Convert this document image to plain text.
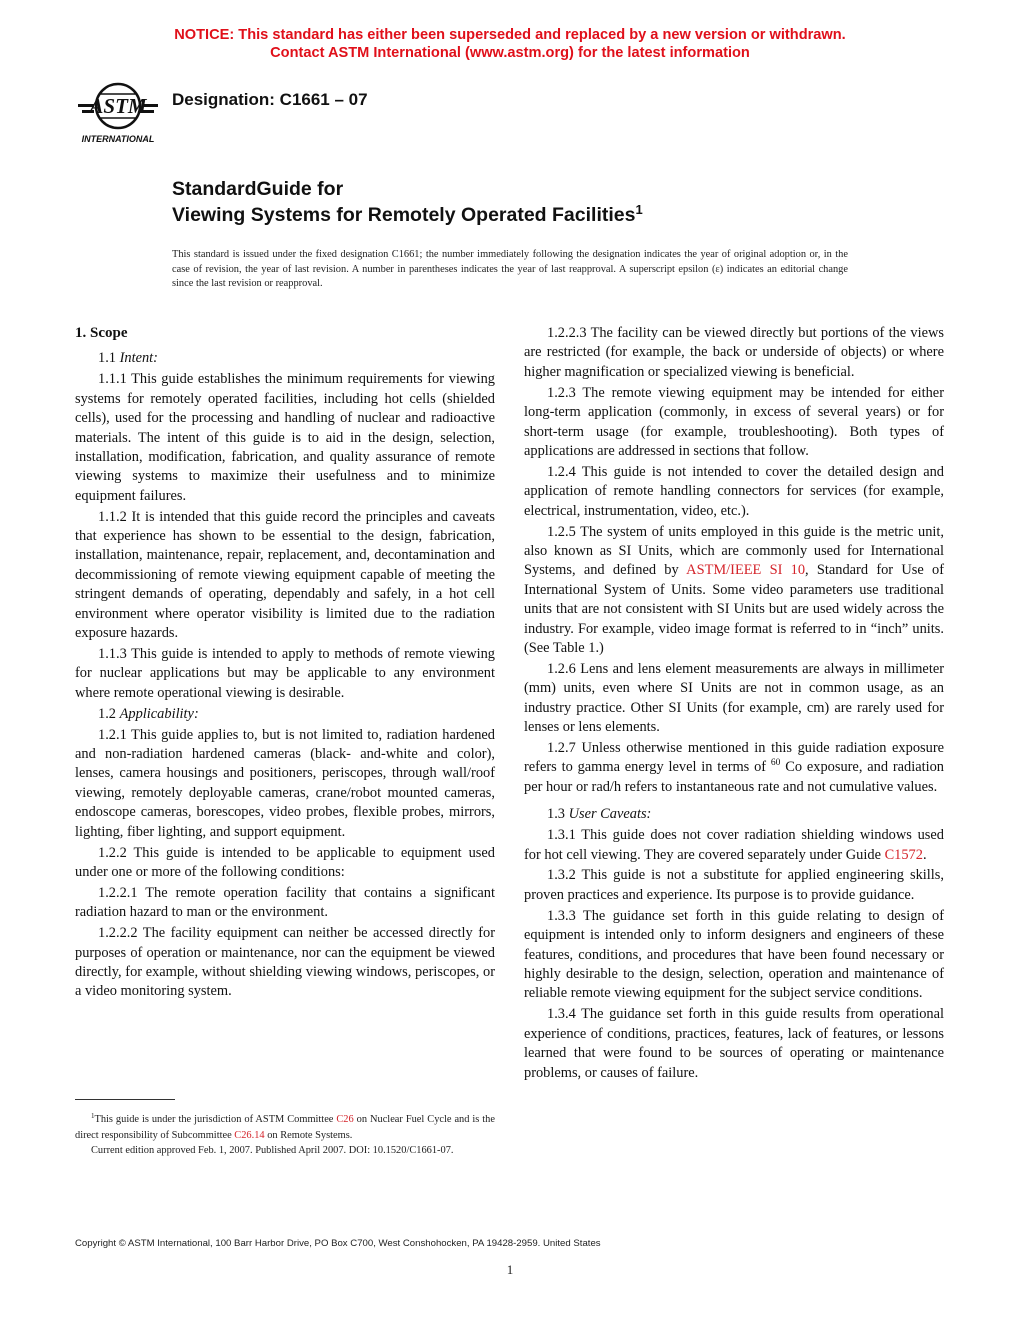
NOTICE: This standard has either been superseded and replaced by a new version or withdrawn.
Contact ASTM International (www.astm.org) for the latest information
ASTM
INTERNATIONAL
Designation: C1661 – 07
StandardGuide for
Viewing Systems for Remotely Operated Facilities$^1$
This standard is issued under the fixed designation C1661; the number immediately following the designation indicates the year of original adoption or, in the case of revision, the year of last revision. A number in parentheses indicates the year of last reapproval. A superscript epsilon (ε) indicates an editorial change since the last revision or reapproval.

1. Scope

1.1 Intent:

1.1.1 This guide establishes the minimum requirements for viewing systems for remotely operated facilities, including hot cells (shielded cells), used for the processing and handling of nuclear and radioactive materials. The intent of this guide is to aid in the design, selection, installation, modification, fabrication, and quality assurance of remote viewing systems to maximize their usefulness and to minimize equipment failures.

1.1.2 It is intended that this guide record the principles and caveats that experience has shown to be essential to the design, fabrication, installation, maintenance, repair, replacement, and, decontamination and decommissioning of remote viewing equipment capable of meeting the stringent demands of operating, dependably and safely, in a hot cell environment where operator visibility is limited due to the radiation exposure hazards.

1.1.3 This guide is intended to apply to methods of remote viewing for nuclear applications but may be applicable to any environment where remote operational viewing is desirable.

1.2 Applicability:

1.2.1 This guide applies to, but is not limited to, radiation hardened and non-radiation hardened cameras (black- and-white and color), lenses, camera housings and positioners, periscopes, through wall/roof viewing, remotely deployable cameras, crane/robot mounted cameras, endoscope cameras, borescopes, video probes, flexible probes, mirrors, lighting, fiber lighting, and support equipment.

1.2.2 This guide is intended to be applicable to equipment used under one or more of the following conditions:

1.2.2.1 The remote operation facility that contains a significant radiation hazard to man or the environment.

1.2.2.2 The facility equipment can neither be accessed directly for purposes of operation or maintenance, nor can the equipment be viewed directly, for example, without shielding viewing windows, periscopes, or a video monitoring system.

1.2.2.3 The facility can be viewed directly but portions of the views are restricted (for example, the back or underside of objects) or where higher magnification or specialized viewing is beneficial.

1.2.3 The remote viewing equipment may be intended for either long-term application (commonly, in excess of several years) or for short-term usage (for example, troubleshooting). Both types of applications are addressed in sections that follow.

1.2.4 This guide is not intended to cover the detailed design and application of remote handling connectors for services (for example, electrical, instrumentation, video, etc.).

1.2.5 The system of units employed in this guide is the metric unit, also known as SI Units, which are commonly used for International Systems, and defined by ASTM/IEEE SI 10, Standard for Use of International System of Units. Some video parameters use traditional units that are not consistent with SI Units but are used widely across the industry. For example, video image format is referred to in “inch” units. (See Table 1.)

1.2.6 Lens and lens element measurements are always in millimeter (mm) units, even where SI Units are not in common usage, as an industry practice. Other SI Units (for example, cm) are rarely used for lenses or lens elements.

1.2.7 Unless otherwise mentioned in this guide radiation exposure refers to gamma energy level in terms of $^{60}$ Co exposure, and radiation per hour or rad/h refers to instantaneous rate and not cumulative values.

1.3 User Caveats:

1.3.1 This guide does not cover radiation shielding windows used for hot cell viewing. They are covered separately under Guide C1572.

1.3.2 This guide is not a substitute for applied engineering skills, proven practices and experience. Its purpose is to provide guidance.

1.3.3 The guidance set forth in this guide relating to design of equipment is intended only to inform designers and engineers of these features, conditions, and procedures that have been found necessary or highly desirable to the design, selection, operation and maintenance of reliable remote viewing equipment for the subject service conditions.

1.3.4 The guidance set forth in this guide results from operational experience of conditions, practices, features, lack of features, or lessons learned that were found to be sources of operating or maintenance problems, or causes of failure.

$^1$This guide is under the jurisdiction of ASTM Committee C26 on Nuclear Fuel Cycle and is the direct responsibility of Subcommittee C26.14 on Remote Systems.

Current edition approved Feb. 1, 2007. Published April 2007. DOI: 10.1520/C1661-07.

Copyright © ASTM International, 100 Barr Harbor Drive, PO Box C700, West Conshohocken, PA 19428-2959. United States
1
